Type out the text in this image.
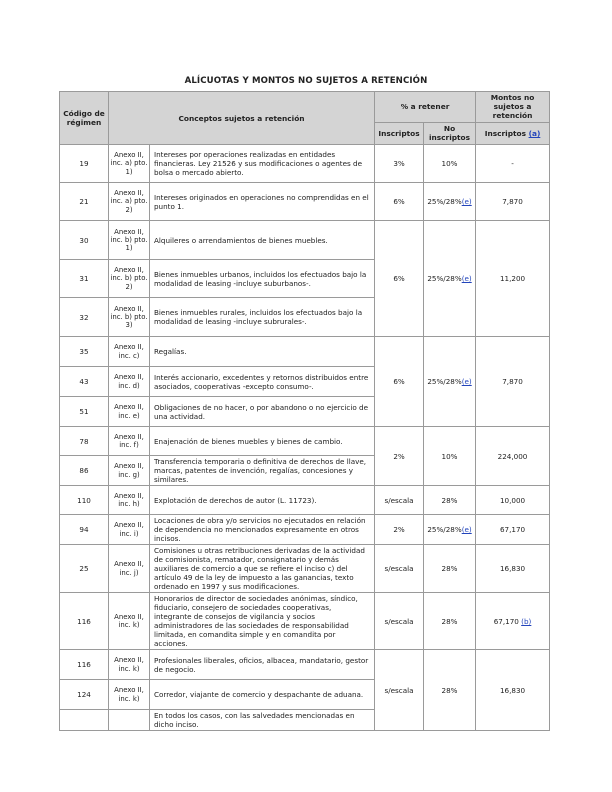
ALÍCUOTAS Y MONTOS NO SUJETOS A RETENCIÓN
Código de régimen	Conceptos sujetos a retención		% a retener		Montos no sujetos a retención
			Inscriptos	No inscriptos	Inscriptos (a)
19	Anexo II, inc. a) pto. 1)	Intereses por operaciones realizadas en entidades financieras. Ley 21526 y sus modificaciones o agentes de bolsa o mercado abierto.	3%	10%	-
21	Anexo II, inc. a) pto. 2)	Intereses originados en operaciones no comprendidas en el punto 1.	6%	25%/28%(e)	7,870
30	Anexo II, inc. b) pto. 1)	Alquileres o arrendamientos de bienes muebles.	6%	25%/28%(e)	11,200
31	Anexo II, inc. b) pto. 2)	Bienes inmuebles urbanos, incluidos los efectuados bajo la modalidad de leasing -incluye suburbanos-.			
32	Anexo II, inc. b) pto. 3)	Bienes inmuebles rurales, incluidos los efectuados bajo la modalidad de leasing -incluye subrurales-.			
35	Anexo II, inc. c)	Regalías.	6%	25%/28%(e)	7,870
43	Anexo II, inc. d)	Interés accionario, excedentes y retornos distribuidos entre asociados, cooperativas -excepto consumo-.			
51	Anexo II, inc. e)	Obligaciones de no hacer, o por abandono o no ejercicio de una actividad.			
78	Anexo II, inc. f)	Enajenación de bienes muebles y bienes de cambio.	2%	10%	224,000
86	Anexo II, inc. g)	Transferencia temporaria o definitiva de derechos de llave, marcas, patentes de invención, regalías, concesiones y similares.			
110	Anexo II, inc. h)	Explotación de derechos de autor (L. 11723).	s/escala	28%	10,000
94	Anexo II, inc. i)	Locaciones de obra y/o servicios no ejecutados en relación de dependencia no mencionados expresamente en otros incisos.	2%	25%/28%(e)	67,170
25	Anexo II, inc. j)	Comisiones u otras retribuciones derivadas de la actividad de comisionista, rematador, consignatario y demás auxiliares de comercio a que se refiere el inciso c) del artículo 49 de la ley de impuesto a las ganancias, texto ordenado en 1997 y sus modificaciones.	s/escala	28%	16,830
116	Anexo II, inc. k)	Honorarios de director de sociedades anónimas, síndico, fiduciario, consejero de sociedades cooperativas, integrante de consejos de vigilancia y socios administradores de las sociedades de responsabilidad limitada, en comandita simple y en comandita por acciones.	s/escala	28%	67,170 (b)
116	Anexo II, inc. k)	Profesionales liberales, oficios, albacea, mandatario, gestor de negocio.	s/escala	28%	16,830
124	Anexo II, inc. k)	Corredor, viajante de comercio y despachante de aduana.			
		En todos los casos, con las salvedades mencionadas en dicho inciso.			
